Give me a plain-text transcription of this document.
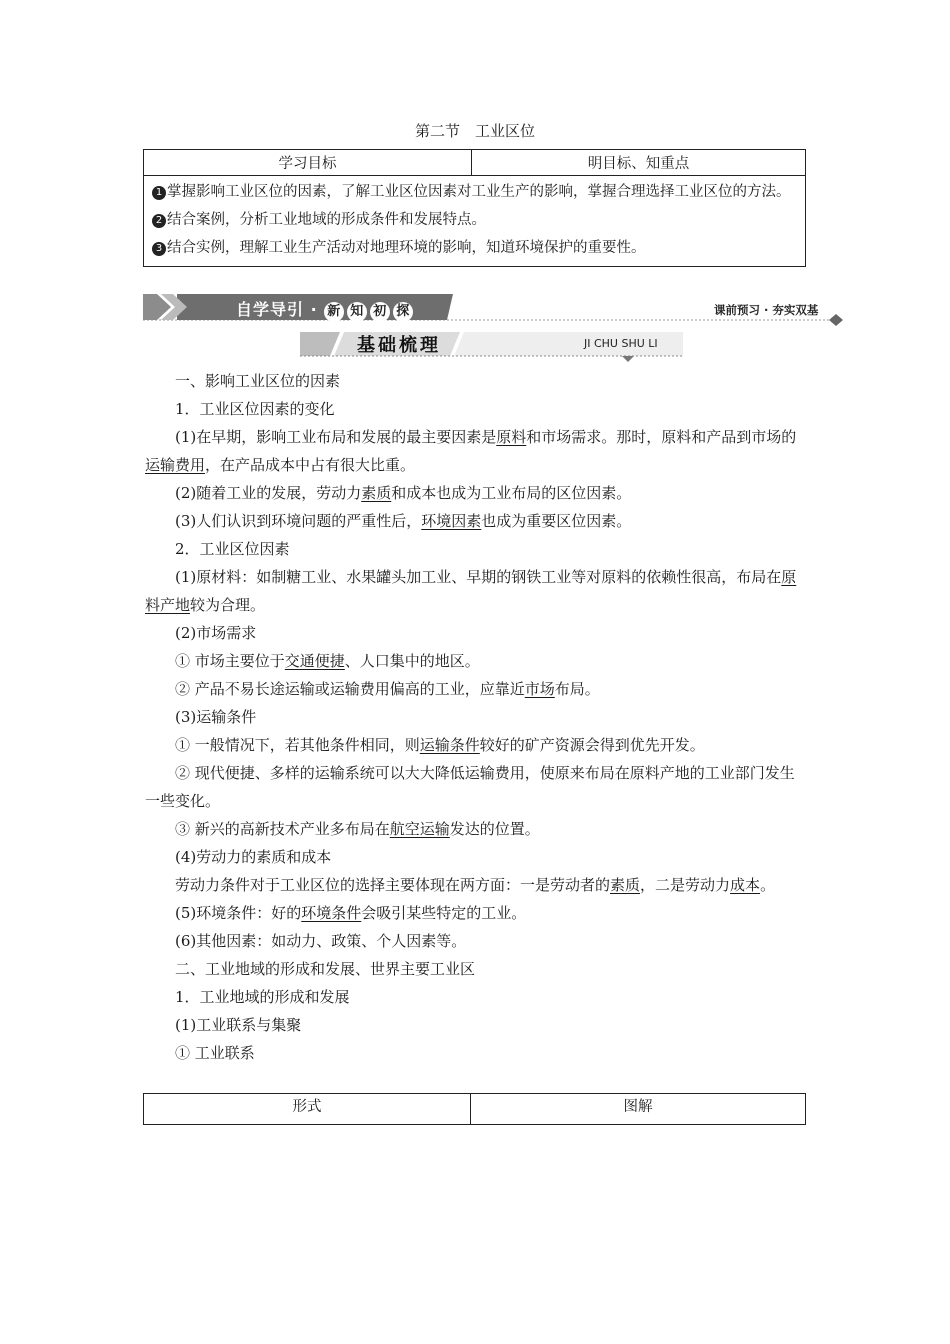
第二节　工业区位
学习目标	明目标、知重点

1 掌握影响工业区位的因素，了解工业区位因素对工业生产的影响，掌握合理选择工业区位的方法。
2 结合案例，分析工业地域的形成条件和发展特点。
3 结合实例，理解工业生产活动对地理环境的影响，知道环境保护的重要性。
自学导引 · 新 知 初 探	课前预习 · 夯实双基
基础梳理	JI CHU SHU LI

一、影响工业区位的因素

1．工业区位因素的变化

(1)在早期，影响工业布局和发展的最主要因素是原料和市场需求。那时，原料和产品到市场的运输费用，在产品成本中占有很大比重。

(2)随着工业的发展，劳动力素质和成本也成为工业布局的区位因素。

(3)人们认识到环境问题的严重性后，环境因素也成为重要区位因素。

2．工业区位因素

(1)原材料：如制糖工业、水果罐头加工业、早期的钢铁工业等对原料的依赖性很高，布局在原料产地较为合理。

(2)市场需求

① 市场主要位于交通便捷、人口集中的地区。

② 产品不易长途运输或运输费用偏高的工业，应靠近市场布局。

(3)运输条件

① 一般情况下，若其他条件相同，则运输条件较好的矿产资源会得到优先开发。

② 现代便捷、多样的运输系统可以大大降低运输费用，使原来布局在原料产地的工业部门发生一些变化。

③ 新兴的高新技术产业多布局在航空运输发达的位置。

(4)劳动力的素质和成本

劳动力条件对于工业区位的选择主要体现在两方面：一是劳动者的素质，二是劳动力成本。

(5)环境条件：好的环境条件会吸引某些特定的工业。

(6)其他因素：如动力、政策、个人因素等。

二、工业地域的形成和发展、世界主要工业区

1．工业地域的形成和发展

(1)工业联系与集聚

① 工业联系

形式	图解
